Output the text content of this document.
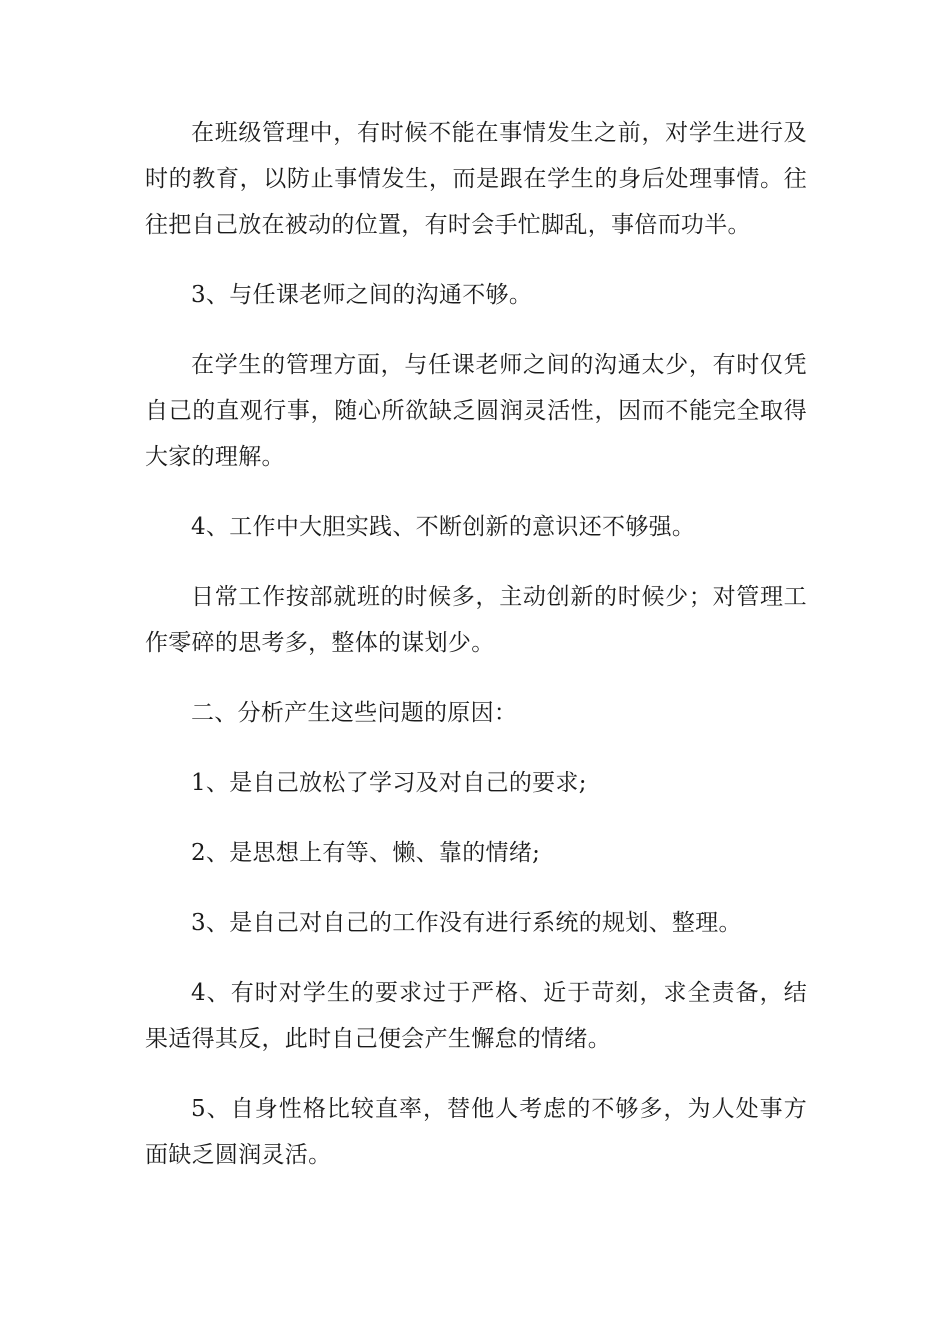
在班级管理中，有时候不能在事情发生之前，对学生进行及时的教育，以防止事情发生，而是跟在学生的身后处理事情。往往把自己放在被动的位置，有时会手忙脚乱，事倍而功半。

3、与任课老师之间的沟通不够。

在学生的管理方面，与任课老师之间的沟通太少，有时仅凭自己的直观行事，随心所欲缺乏圆润灵活性，因而不能完全取得大家的理解。

4、工作中大胆实践、不断创新的意识还不够强。

日常工作按部就班的时候多，主动创新的时候少；对管理工作零碎的思考多，整体的谋划少。

二、分析产生这些问题的原因：

1、是自己放松了学习及对自己的要求;

2、是思想上有等、懒、靠的情绪;

3、是自己对自己的工作没有进行系统的规划、整理。

4、有时对学生的要求过于严格、近于苛刻，求全责备，结果适得其反，此时自己便会产生懈怠的情绪。

5、自身性格比较直率，替他人考虑的不够多，为人处事方面缺乏圆润灵活。
